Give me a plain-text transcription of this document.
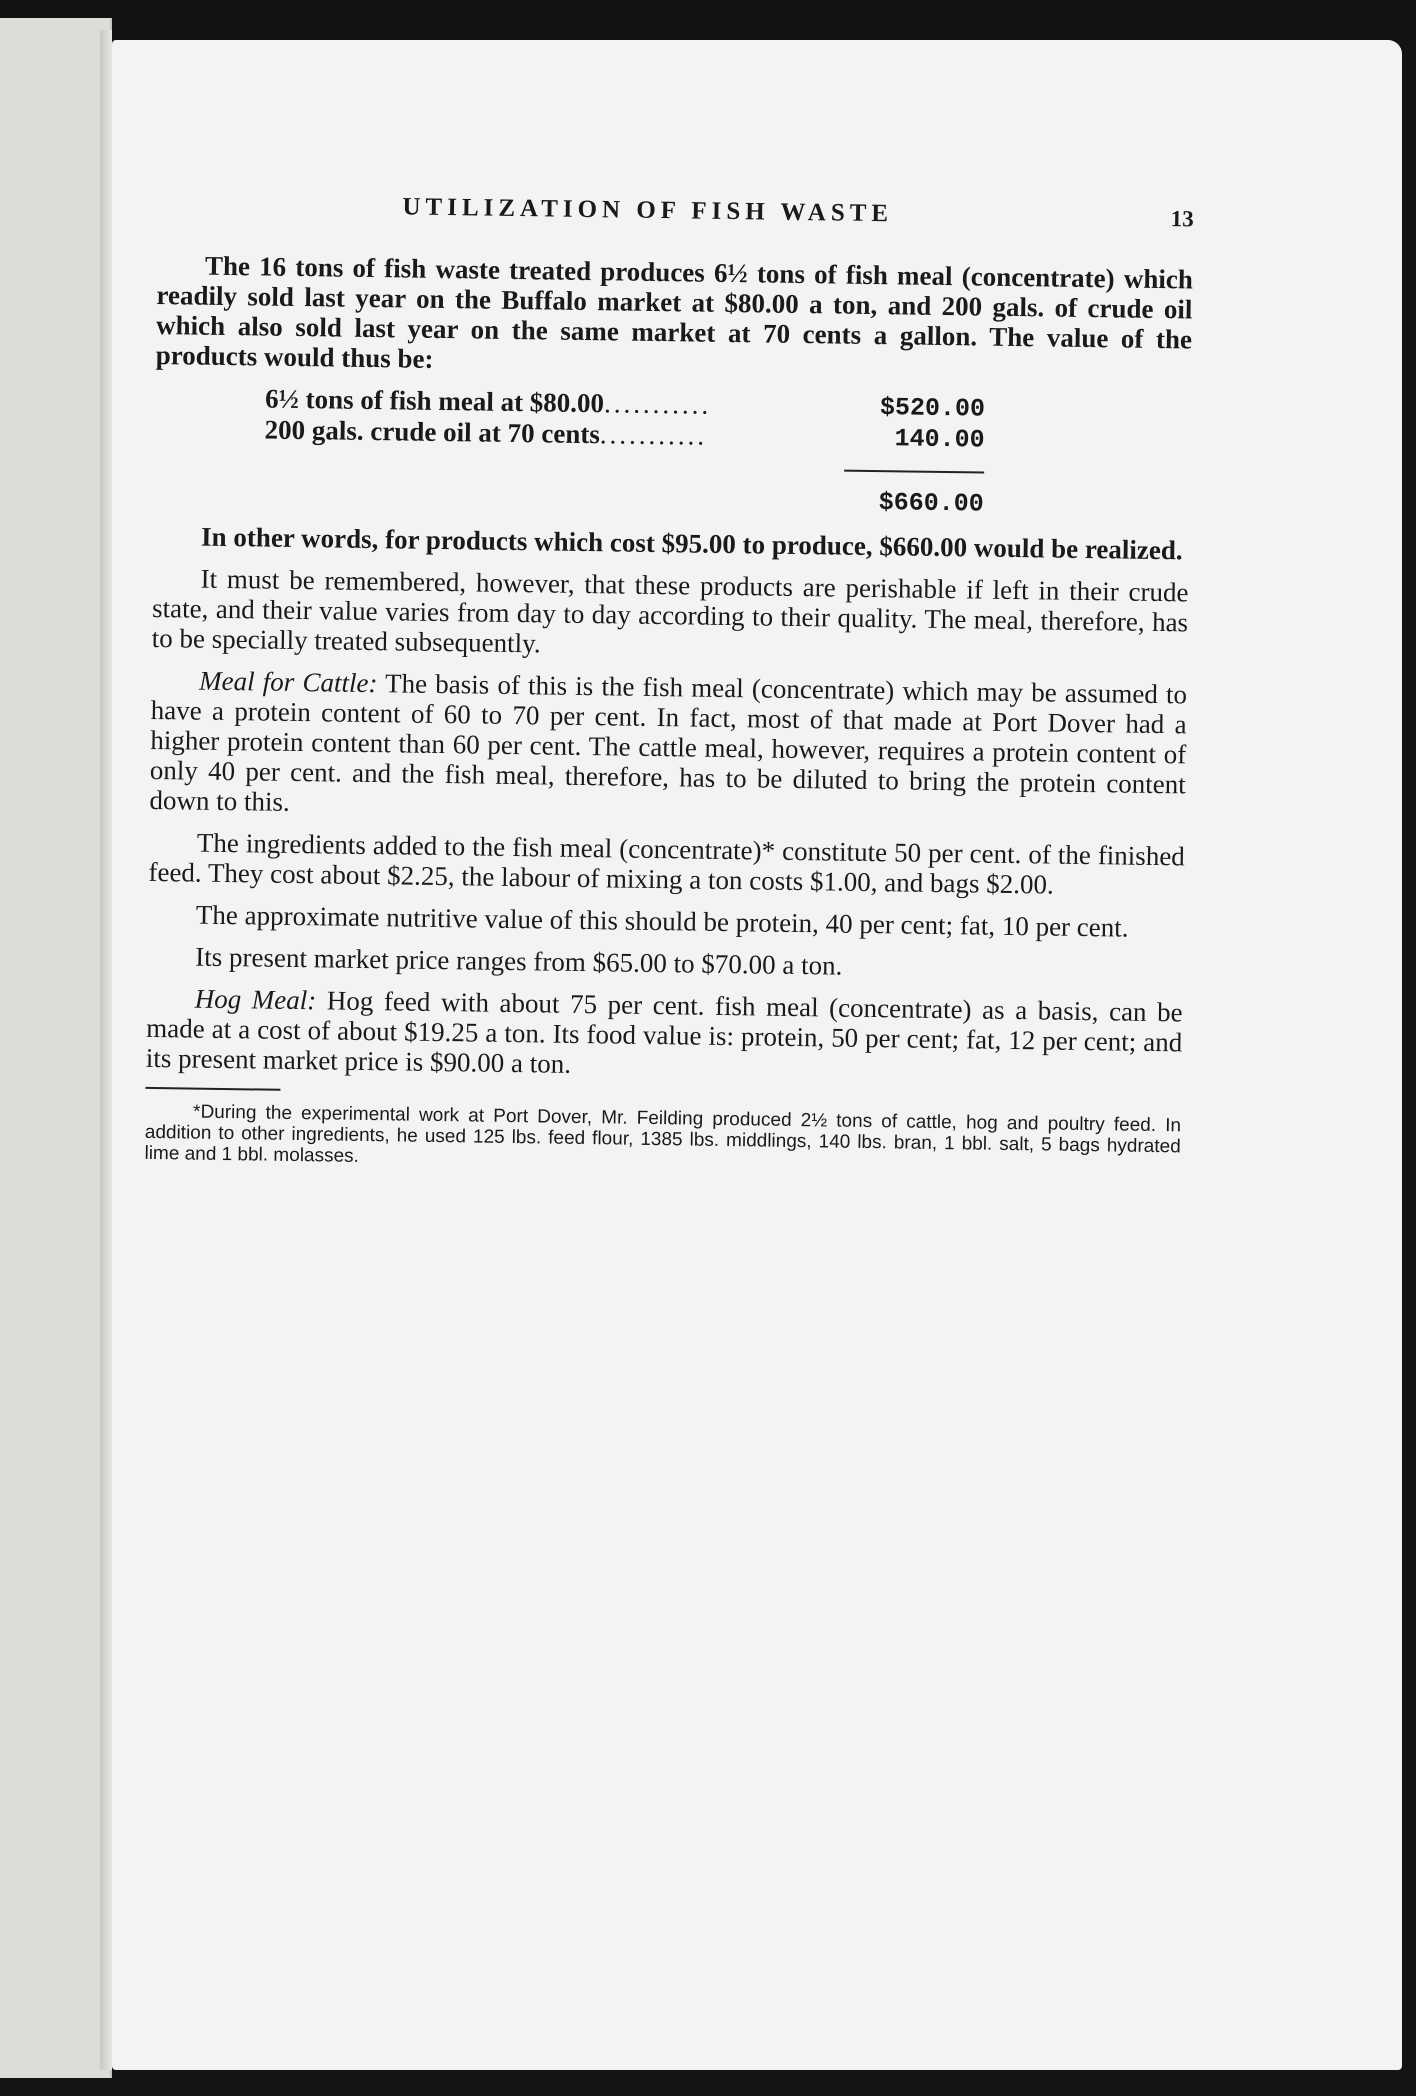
UTILIZATION OF FISH WASTE	13

The 16 tons of fish waste treated produces 6½ tons of fish meal (concentrate) which readily sold last year on the Buffalo market at $80.00 a ton, and 200 gals. of crude oil which also sold last year on the same market at 70 cents a gallon. The value of the products would thus be:

6½ tons of fish meal at $80.00 ...........	$520.00
200 gals. crude oil at 70 cents ...........	140.00
$660.00

In other words, for products which cost $95.00 to produce, $660.00 would be realized.

It must be remembered, however, that these products are perishable if left in their crude state, and their value varies from day to day according to their quality. The meal, therefore, has to be specially treated subsequently.

Meal for Cattle: The basis of this is the fish meal (concentrate) which may be assumed to have a protein content of 60 to 70 per cent. In fact, most of that made at Port Dover had a higher protein content than 60 per cent. The cattle meal, however, requires a protein content of only 40 per cent. and the fish meal, therefore, has to be diluted to bring the protein content down to this.

The ingredients added to the fish meal (concentrate)* constitute 50 per cent. of the finished feed. They cost about $2.25, the labour of mixing a ton costs $1.00, and bags $2.00.

The approximate nutritive value of this should be protein, 40 per cent; fat, 10 per cent.

Its present market price ranges from $65.00 to $70.00 a ton.

Hog Meal: Hog feed with about 75 per cent. fish meal (concentrate) as a basis, can be made at a cost of about $19.25 a ton. Its food value is: protein, 50 per cent; fat, 12 per cent; and its present market price is $90.00 a ton.

*During the experimental work at Port Dover, Mr. Feilding produced 2½ tons of cattle, hog and poultry feed. In addition to other ingredients, he used 125 lbs. feed flour, 1385 lbs. middlings, 140 lbs. bran, 1 bbl. salt, 5 bags hydrated lime and 1 bbl. molasses.
